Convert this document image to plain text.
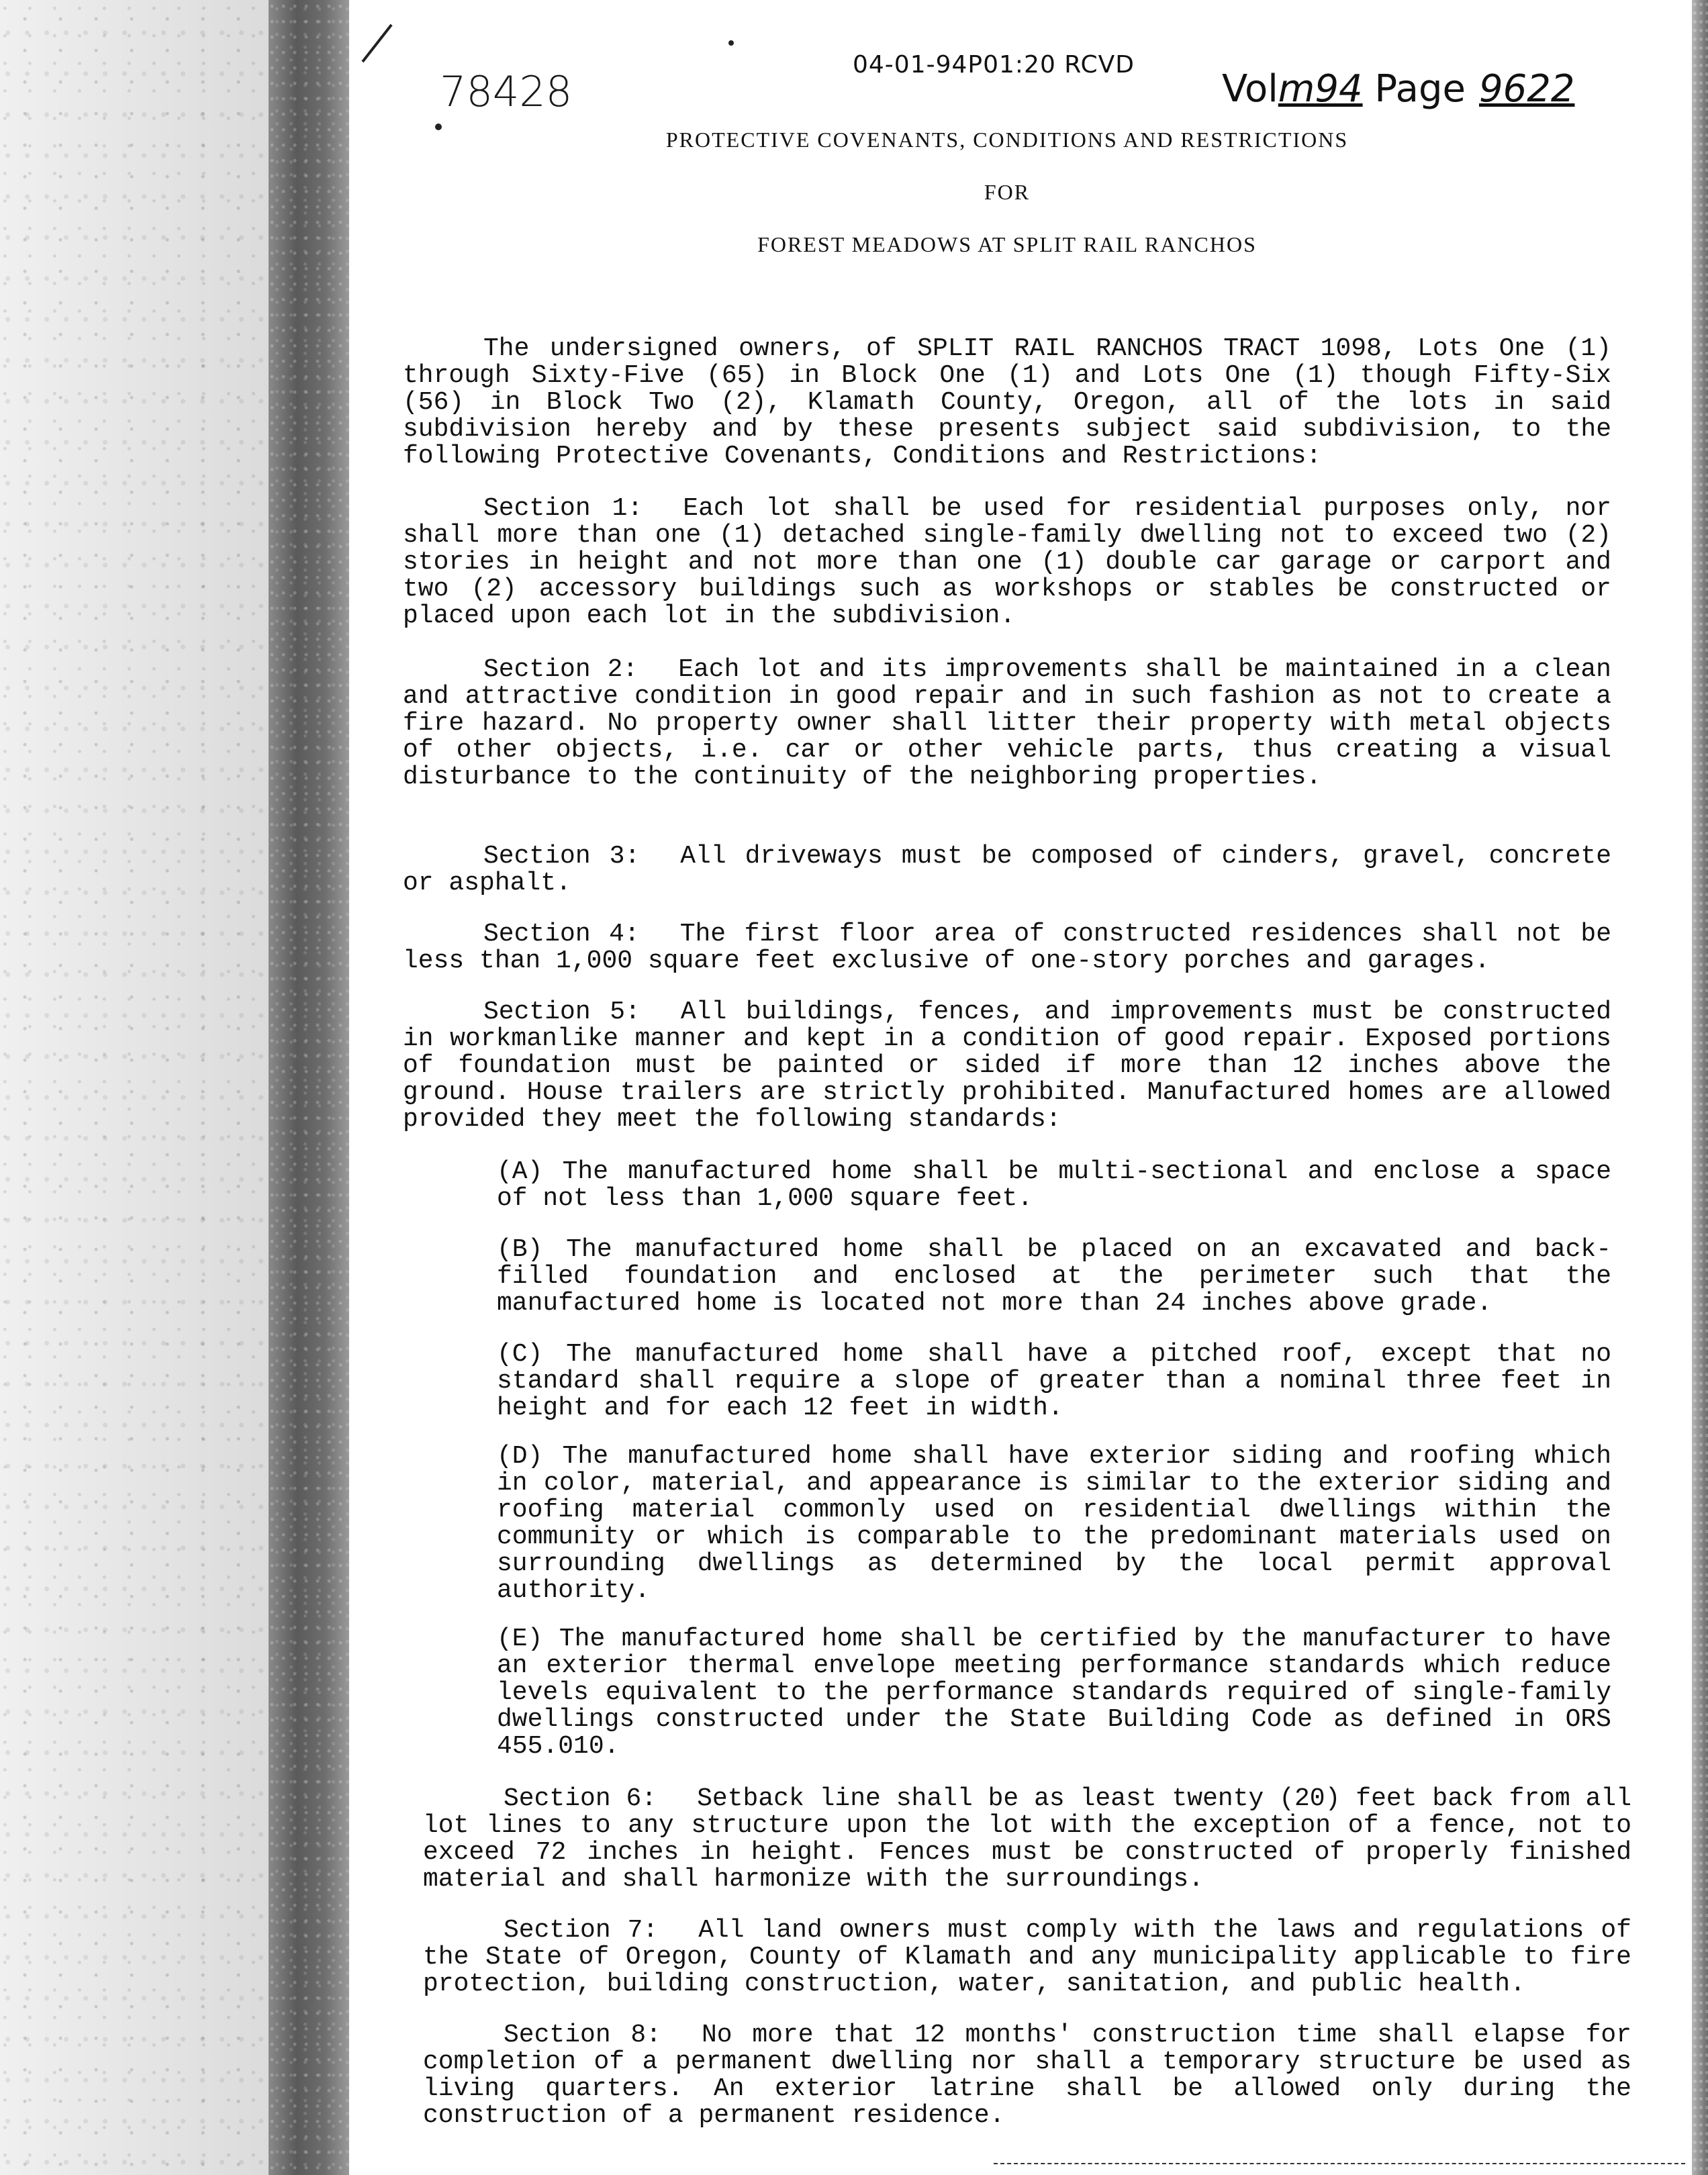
78428
04-01-94P01:20 RCVD
Volm94 Page 9622
PROTECTIVE COVENANTS, CONDITIONS AND RESTRICTIONS
FOR
FOREST MEADOWS AT SPLIT RAIL RANCHOS

The undersigned owners, of SPLIT RAIL RANCHOS TRACT 1098, Lots One (1) through Sixty-Five (65) in Block One (1) and Lots One (1) though Fifty-Six (56) in Block Two (2), Klamath County, Oregon, all of the lots in said subdivision hereby and by these presents subject said subdivision, to the following Protective Covenants, Conditions and Restrictions:

Section 1: Each lot shall be used for residential purposes only, nor shall more than one (1) detached single-family dwelling not to exceed two (2) stories in height and not more than one (1) double car garage or carport and two (2) accessory buildings such as workshops or stables be constructed or placed upon each lot in the subdivision.

Section 2: Each lot and its improvements shall be maintained in a clean and attractive condition in good repair and in such fashion as not to create a fire hazard. No property owner shall litter their property with metal objects of other objects, i.e. car or other vehicle parts, thus creating a visual disturbance to the continuity of the neighboring properties.

Section 3: All driveways must be composed of cinders, gravel, concrete or asphalt.

Section 4: The first floor area of constructed residences shall not be less than 1,000 square feet exclusive of one-story porches and garages.

Section 5: All buildings, fences, and improvements must be constructed in workmanlike manner and kept in a condition of good repair. Exposed portions of foundation must be painted or sided if more than 12 inches above the ground. House trailers are strictly prohibited. Manufactured homes are allowed provided they meet the following standards:

(A) The manufactured home shall be multi-sectional and enclose a space of not less than 1,000 square feet.

(B) The manufactured home shall be placed on an excavated and back-filled foundation and enclosed at the perimeter such that the manufactured home is located not more than 24 inches above grade.

(C) The manufactured home shall have a pitched roof, except that no standard shall require a slope of greater than a nominal three feet in height and for each 12 feet in width.

(D) The manufactured home shall have exterior siding and roofing which in color, material, and appearance is similar to the exterior siding and roofing material commonly used on residential dwellings within the community or which is comparable to the predominant materials used on surrounding dwellings as determined by the local permit approval authority.

(E) The manufactured home shall be certified by the manufacturer to have an exterior thermal envelope meeting performance standards which reduce levels equivalent to the performance standards required of single-family dwellings constructed under the State Building Code as defined in ORS 455.010.

Section 6: Setback line shall be as least twenty (20) feet back from all lot lines to any structure upon the lot with the exception of a fence, not to exceed 72 inches in height. Fences must be constructed of properly finished material and shall harmonize with the surroundings.

Section 7: All land owners must comply with the laws and regulations of the State of Oregon, County of Klamath and any municipality applicable to fire protection, building construction, water, sanitation, and public health.

Section 8: No more that 12 months' construction time shall elapse for completion of a permanent dwelling nor shall a temporary structure be used as living quarters. An exterior latrine shall be allowed only during the construction of a permanent residence.
